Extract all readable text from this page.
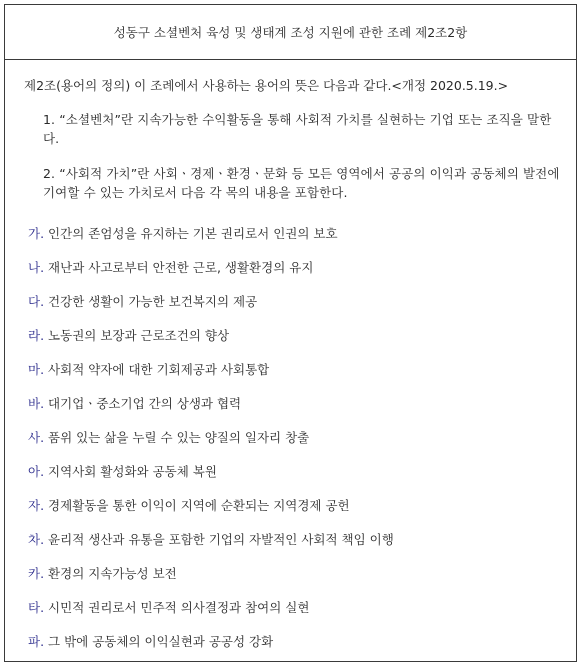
성동구 소셜벤처 육성 및 생태계 조성 지원에 관한 조례 제2조2항
제2조(용어의 정의) 이 조례에서 사용하는 용어의 뜻은 다음과 같다.<개정 2020.5.19.>
1. “소셜벤처”란 지속가능한 수익활동을 통해 사회적 가치를 실현하는 기업 또는 조직을 말한다.
2. “사회적 가치”란 사회ㆍ경제ㆍ환경ㆍ문화 등 모든 영역에서 공공의 이익과 공동체의 발전에 기여할 수 있는 가치로서 다음 각 목의 내용을 포함한다.
가. 인간의 존엄성을 유지하는 기본 권리로서 인권의 보호
나. 재난과 사고로부터 안전한 근로, 생활환경의 유지
다. 건강한 생활이 가능한 보건복지의 제공
라. 노동권의 보장과 근로조건의 향상
마. 사회적 약자에 대한 기회제공과 사회통합
바. 대기업ㆍ중소기업 간의 상생과 협력
사. 품위 있는 삶을 누릴 수 있는 양질의 일자리 창출
아. 지역사회 활성화와 공동체 복원
자. 경제활동을 통한 이익이 지역에 순환되는 지역경제 공헌
차. 윤리적 생산과 유통을 포함한 기업의 자발적인 사회적 책임 이행
카. 환경의 지속가능성 보전
타. 시민적 권리로서 민주적 의사결정과 참여의 실현
파. 그 밖에 공동체의 이익실현과 공공성 강화
